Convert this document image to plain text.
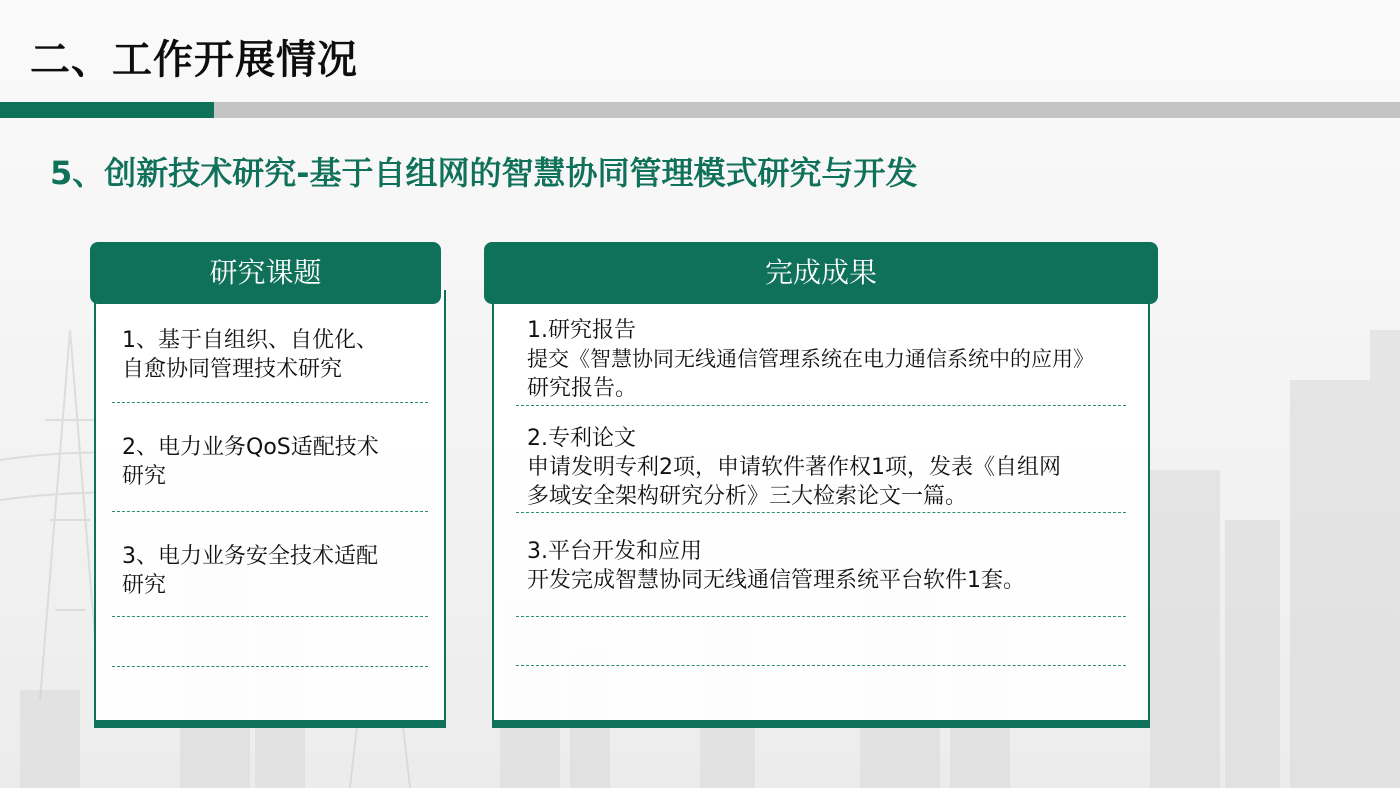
二、工作开展情况
5、创新技术研究-基于自组网的智慧协同管理模式研究与开发
研究课题
1、基于自组织、自优化、
自愈协同管理技术研究
2、电力业务QoS适配技术
研究
3、电力业务安全技术适配
研究
完成成果
1.研究报告
提交《智慧协同无线通信管理系统在电力通信系统中的应用》
研究报告。
2.专利论文
申请发明专利2项，申请软件著作权1项，发表《自组网
多域安全架构研究分析》三大检索论文一篇。
3.平台开发和应用
开发完成智慧协同无线通信管理系统平台软件1套。
